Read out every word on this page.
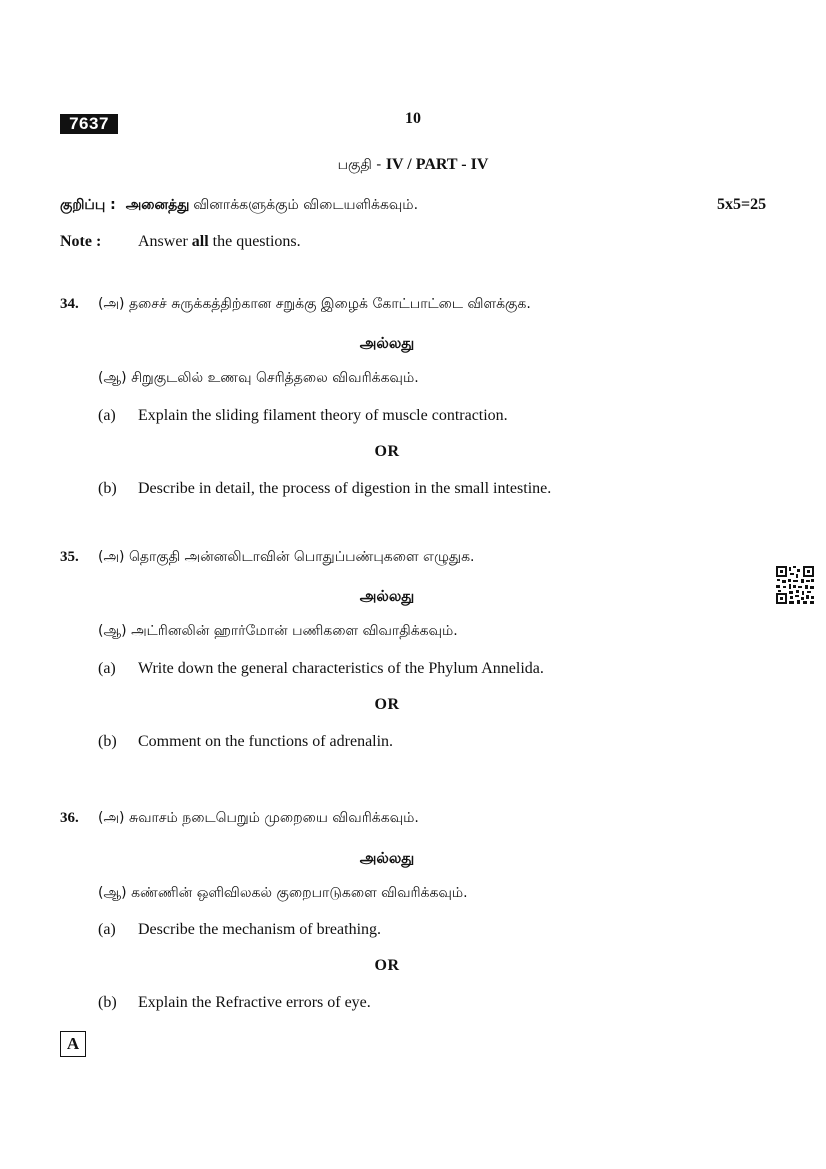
7637	10
பகுதி - IV / PART - IV
குறிப்பு : அனைத்து வினாக்களுக்கும் விடையளிக்கவும்.	5x5=25
Note : Answer all the questions.
34. (அ) தசைச் சுருக்கத்திற்கான சறுக்கு இழைக் கோட்பாட்டை விளக்குக.
அல்லது
(ஆ) சிறுகுடலில் உணவு செரித்தலை விவரிக்கவும்.
(a) Explain the sliding filament theory of muscle contraction.
OR
(b) Describe in detail, the process of digestion in the small intestine.
35. (அ) தொகுதி அன்னலிடாவின் பொதுப்பண்புகளை எழுதுக.
அல்லது
(ஆ) அட்ரினலின் ஹார்மோன் பணிகளை விவாதிக்கவும்.
(a) Write down the general characteristics of the Phylum Annelida.
OR
(b) Comment on the functions of adrenalin.
36. (அ) சுவாசம் நடைபெறும் முறையை விவரிக்கவும்.
அல்லது
(ஆ) கண்ணின் ஒளிவிலகல் குறைபாடுகளை விவரிக்கவும்.
(a) Describe the mechanism of breathing.
OR
(b) Explain the Refractive errors of eye.
A
